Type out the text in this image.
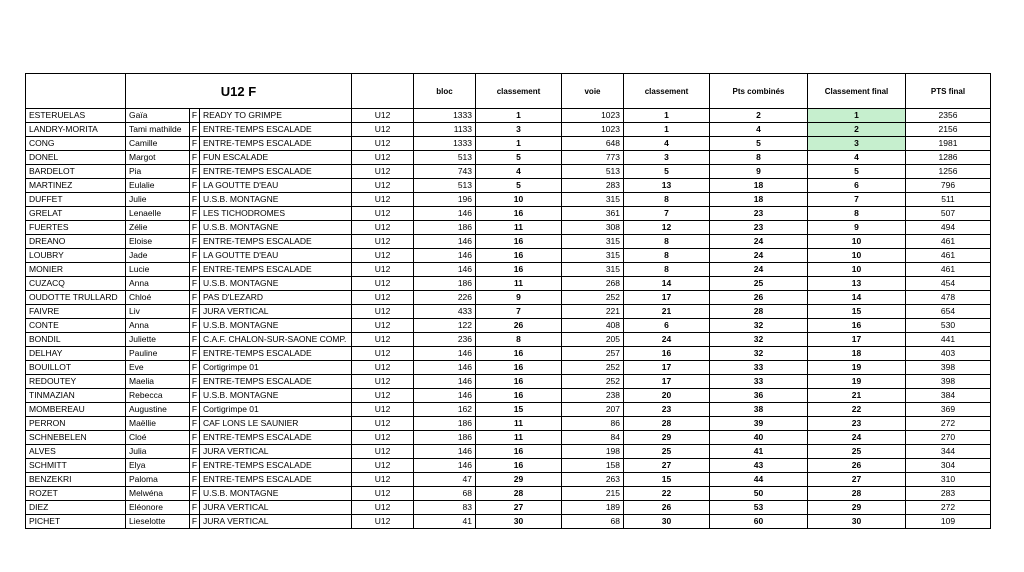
	U12 F				bloc	classement	voie	classement	Pts combinés	Classement final	PTS final
ESTERUELAS	Gaïa	F	READY TO GRIMPE	U12	1333	1	1023	1	2	1	2356
LANDRY-MORITA	Tami mathilde	F	ENTRE-TEMPS ESCALADE	U12	1133	3	1023	1	4	2	2156
CONG	Camille	F	ENTRE-TEMPS ESCALADE	U12	1333	1	648	4	5	3	1981
DONEL	Margot	F	FUN ESCALADE	U12	513	5	773	3	8	4	1286
BARDELOT	Pia	F	ENTRE-TEMPS ESCALADE	U12	743	4	513	5	9	5	1256
MARTINEZ	Eulalie	F	LA GOUTTE D'EAU	U12	513	5	283	13	18	6	796
DUFFET	Julie	F	U.S.B. MONTAGNE	U12	196	10	315	8	18	7	511
GRELAT	Lenaelle	F	LES TICHODROMES	U12	146	16	361	7	23	8	507
FUERTES	Zélie	F	U.S.B. MONTAGNE	U12	186	11	308	12	23	9	494
DREANO	Eloise	F	ENTRE-TEMPS ESCALADE	U12	146	16	315	8	24	10	461
LOUBRY	Jade	F	LA GOUTTE D'EAU	U12	146	16	315	8	24	10	461
MONIER	Lucie	F	ENTRE-TEMPS ESCALADE	U12	146	16	315	8	24	10	461
CUZACQ	Anna	F	U.S.B. MONTAGNE	U12	186	11	268	14	25	13	454
OUDOTTE TRULLARD	Chloé	F	PAS D'LEZARD	U12	226	9	252	17	26	14	478
FAIVRE	Liv	F	JURA VERTICAL	U12	433	7	221	21	28	15	654
CONTE	Anna	F	U.S.B. MONTAGNE	U12	122	26	408	6	32	16	530
BONDIL	Juliette	F	C.A.F. CHALON-SUR-SAONE COMP.	U12	236	8	205	24	32	17	441
DELHAY	Pauline	F	ENTRE-TEMPS ESCALADE	U12	146	16	257	16	32	18	403
BOUILLOT	Eve	F	Cortigrimpe 01	U12	146	16	252	17	33	19	398
REDOUTEY	Maelia	F	ENTRE-TEMPS ESCALADE	U12	146	16	252	17	33	19	398
TINMAZIAN	Rebecca	F	U.S.B. MONTAGNE	U12	146	16	238	20	36	21	384
MOMBEREAU	Augustine	F	Cortigrimpe 01	U12	162	15	207	23	38	22	369
PERRON	Maëllie	F	CAF LONS LE SAUNIER	U12	186	11	86	28	39	23	272
SCHNEBELEN	Cloé	F	ENTRE-TEMPS ESCALADE	U12	186	11	84	29	40	24	270
ALVES	Julia	F	JURA VERTICAL	U12	146	16	198	25	41	25	344
SCHMITT	Elya	F	ENTRE-TEMPS ESCALADE	U12	146	16	158	27	43	26	304
BENZEKRI	Paloma	F	ENTRE-TEMPS ESCALADE	U12	47	29	263	15	44	27	310
ROZET	Melwéna	F	U.S.B. MONTAGNE	U12	68	28	215	22	50	28	283
DIEZ	Eléonore	F	JURA VERTICAL	U12	83	27	189	26	53	29	272
PICHET	Lieselotte	F	JURA VERTICAL	U12	41	30	68	30	60	30	109
